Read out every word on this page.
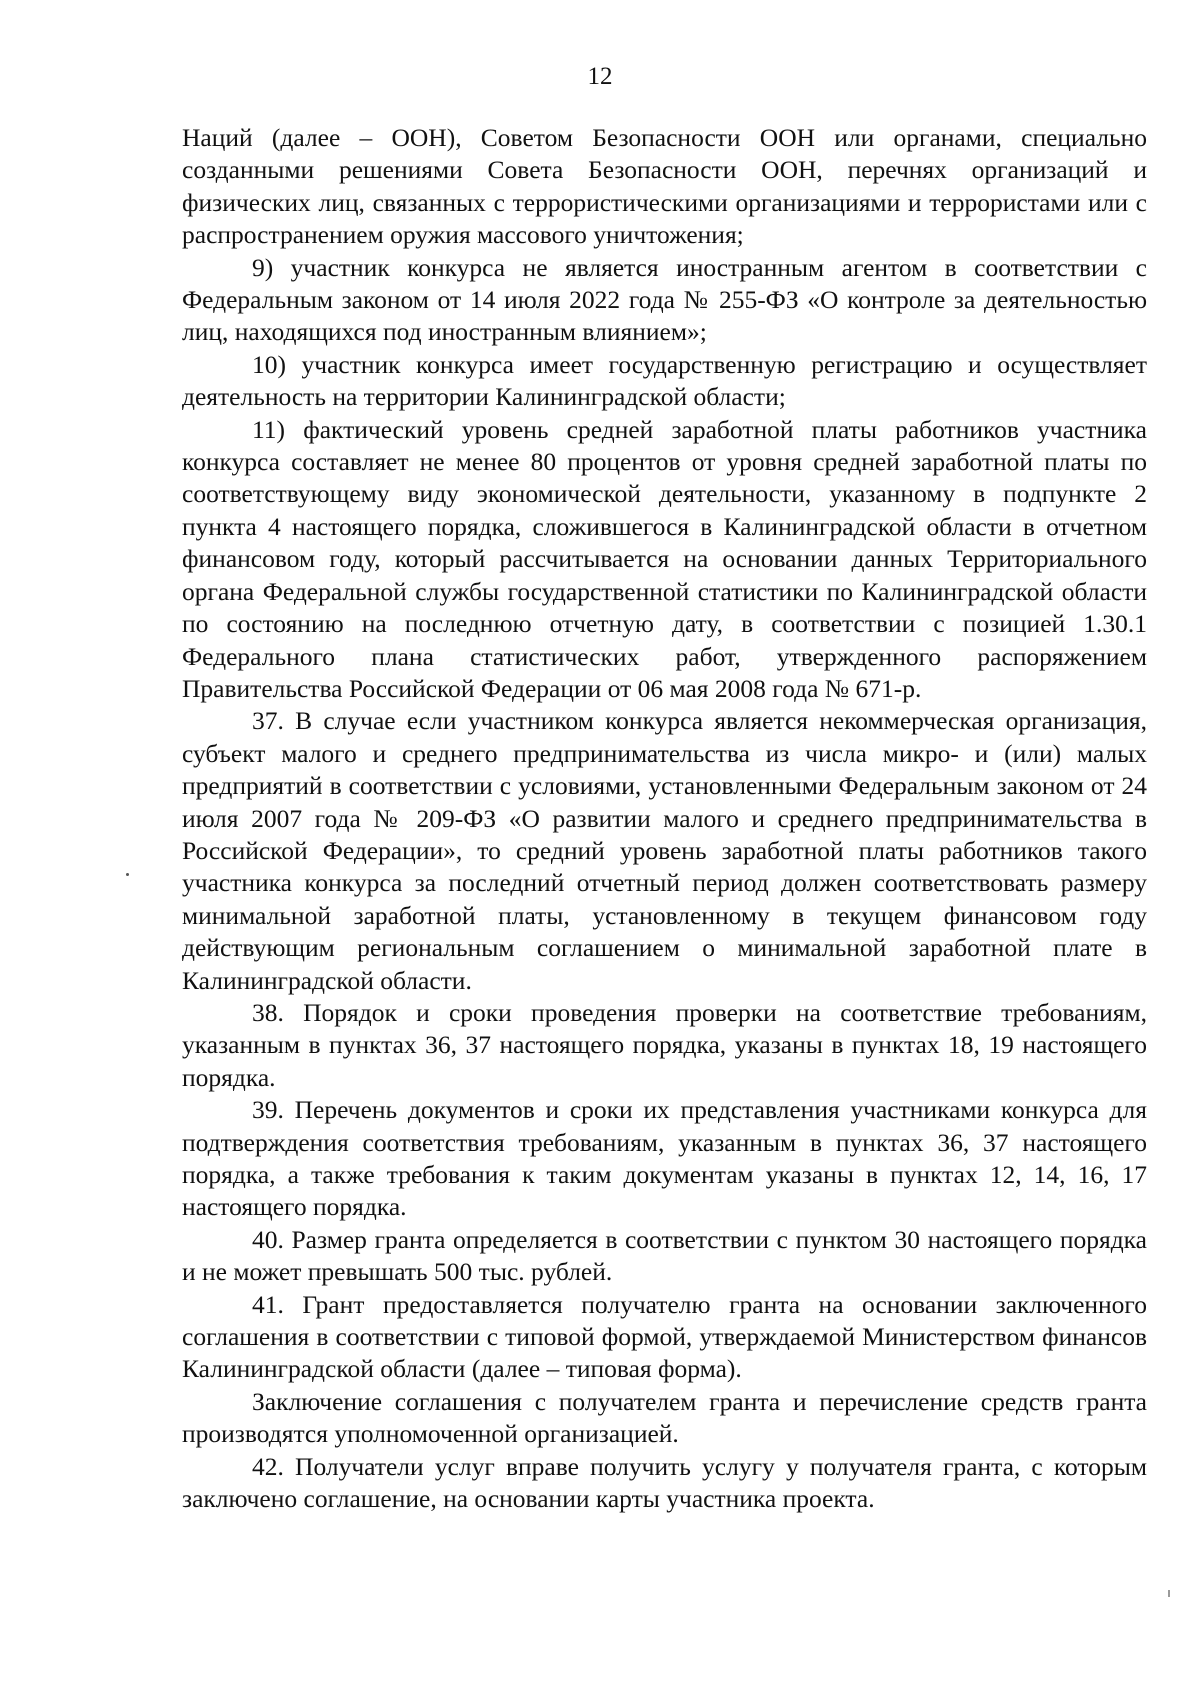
12

Наций (далее – ООН), Советом Безопасности ООН или органами, специально созданными решениями Совета Безопасности ООН, перечнях организаций и физических лиц, связанных с террористическими организациями и террористами или с распространением оружия массового уничтожения;

9) участник конкурса не является иностранным агентом в соответствии с Федеральным законом от 14 июля 2022 года № 255-ФЗ «О контроле за деятельностью лиц, находящихся под иностранным влиянием»;

10) участник конкурса имеет государственную регистрацию и осуществляет деятельность на территории Калининградской области;

11) фактический уровень средней заработной платы работников участника конкурса составляет не менее 80 процентов от уровня средней заработной платы по соответствующему виду экономической деятельности, указанному в подпункте 2 пункта 4 настоящего порядка, сложившегося в Калининградской области в отчетном финансовом году, который рассчитывается на основании данных Территориального органа Федеральной службы государственной статистики по Калининградской области по состоянию на последнюю отчетную дату, в соответствии с позицией 1.30.1 Федерального плана статистических работ, утвержденного распоряжением Правительства Российской Федерации от 06 мая 2008 года № 671-р.

37. В случае если участником конкурса является некоммерческая организация, субъект малого и среднего предпринимательства из числа микро- и (или) малых предприятий в соответствии с условиями, установленными Федеральным законом от 24 июля 2007 года № 209-ФЗ «О развитии малого и среднего предпринимательства в Российской Федерации», то средний уровень заработной платы работников такого участника конкурса за последний отчетный период должен соответствовать размеру минимальной заработной платы, установленному в текущем финансовом году действующим региональным соглашением о минимальной заработной плате в Калининградской области.

38. Порядок и сроки проведения проверки на соответствие требованиям, указанным в пунктах 36, 37 настоящего порядка, указаны в пунктах 18, 19 настоящего порядка.

39. Перечень документов и сроки их представления участниками конкурса для подтверждения соответствия требованиям, указанным в пунктах 36, 37 настоящего порядка, а также требования к таким документам указаны в пунктах 12, 14, 16, 17 настоящего порядка.

40. Размер гранта определяется в соответствии с пунктом 30 настоящего порядка и не может превышать 500 тыс. рублей.

41. Грант предоставляется получателю гранта на основании заключенного соглашения в соответствии с типовой формой, утверждаемой Министерством финансов Калининградской области (далее – типовая форма).

Заключение соглашения с получателем гранта и перечисление средств гранта производятся уполномоченной организацией.

42. Получатели услуг вправе получить услугу у получателя гранта, с которым заключено соглашение, на основании карты участника проекта.
